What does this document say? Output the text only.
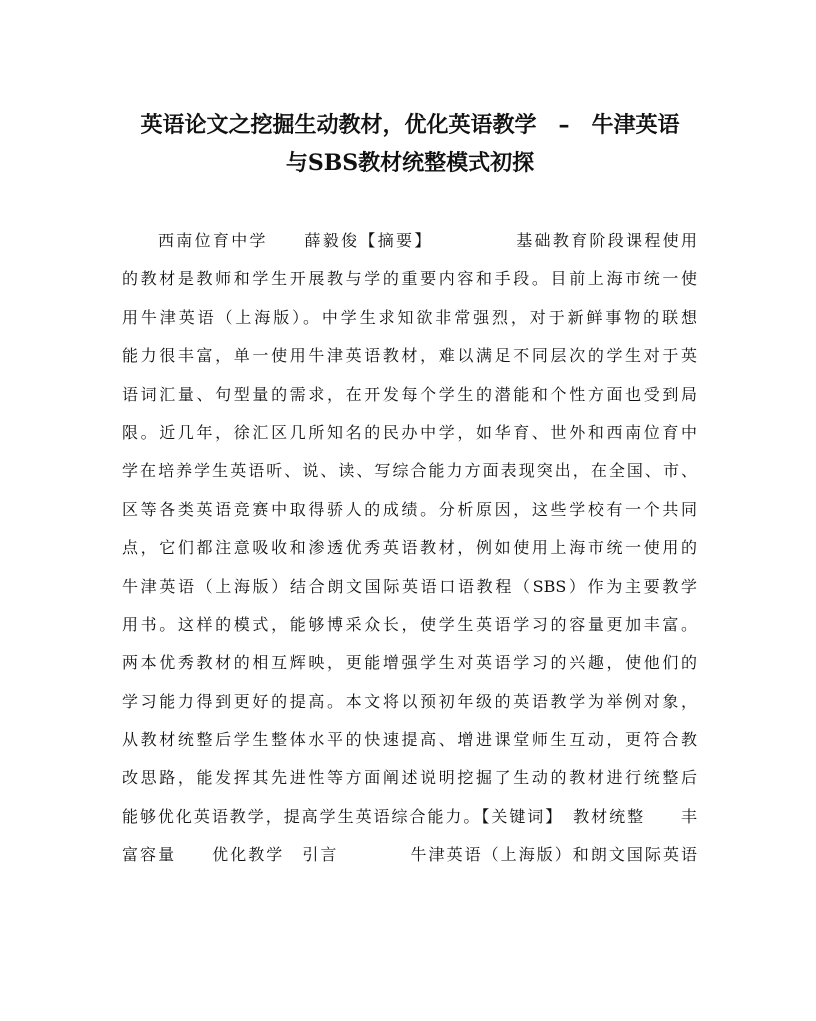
英语论文之挖掘生动教材，优化英语教学　–　牛津英语
与SBS教材统整模式初探
西南位育中学　　薛毅俊【摘要】　　　　　基础教育阶段课程使用
的教材是教师和学生开展教与学的重要内容和手段。目前上海市统一使
用牛津英语（上海版）。中学生求知欲非常强烈，对于新鲜事物的联想
能力很丰富，单一使用牛津英语教材，难以满足不同层次的学生对于英
语词汇量、句型量的需求，在开发每个学生的潜能和个性方面也受到局
限。近几年，徐汇区几所知名的民办中学，如华育、世外和西南位育中
学在培养学生英语听、说、读、写综合能力方面表现突出，在全国、市、
区等各类英语竞赛中取得骄人的成绩。分析原因，这些学校有一个共同
点，它们都注意吸收和渗透优秀英语教材，例如使用上海市统一使用的
牛津英语（上海版）结合朗文国际英语口语教程（SBS）作为主要教学
用书。这样的模式，能够博采众长，使学生英语学习的容量更加丰富。
两本优秀教材的相互辉映，更能增强学生对英语学习的兴趣，使他们的
学习能力得到更好的提高。本文将以预初年级的英语教学为举例对象，
从教材统整后学生整体水平的快速提高、增进课堂师生互动，更符合教
改思路，能发挥其先进性等方面阐述说明挖掘了生动的教材进行统整后
能够优化英语教学，提高学生英语综合能力。【关键词】　教材统整　　丰
富容量　　优化教学　引言　　　　牛津英语（上海版）和朗文国际英语
